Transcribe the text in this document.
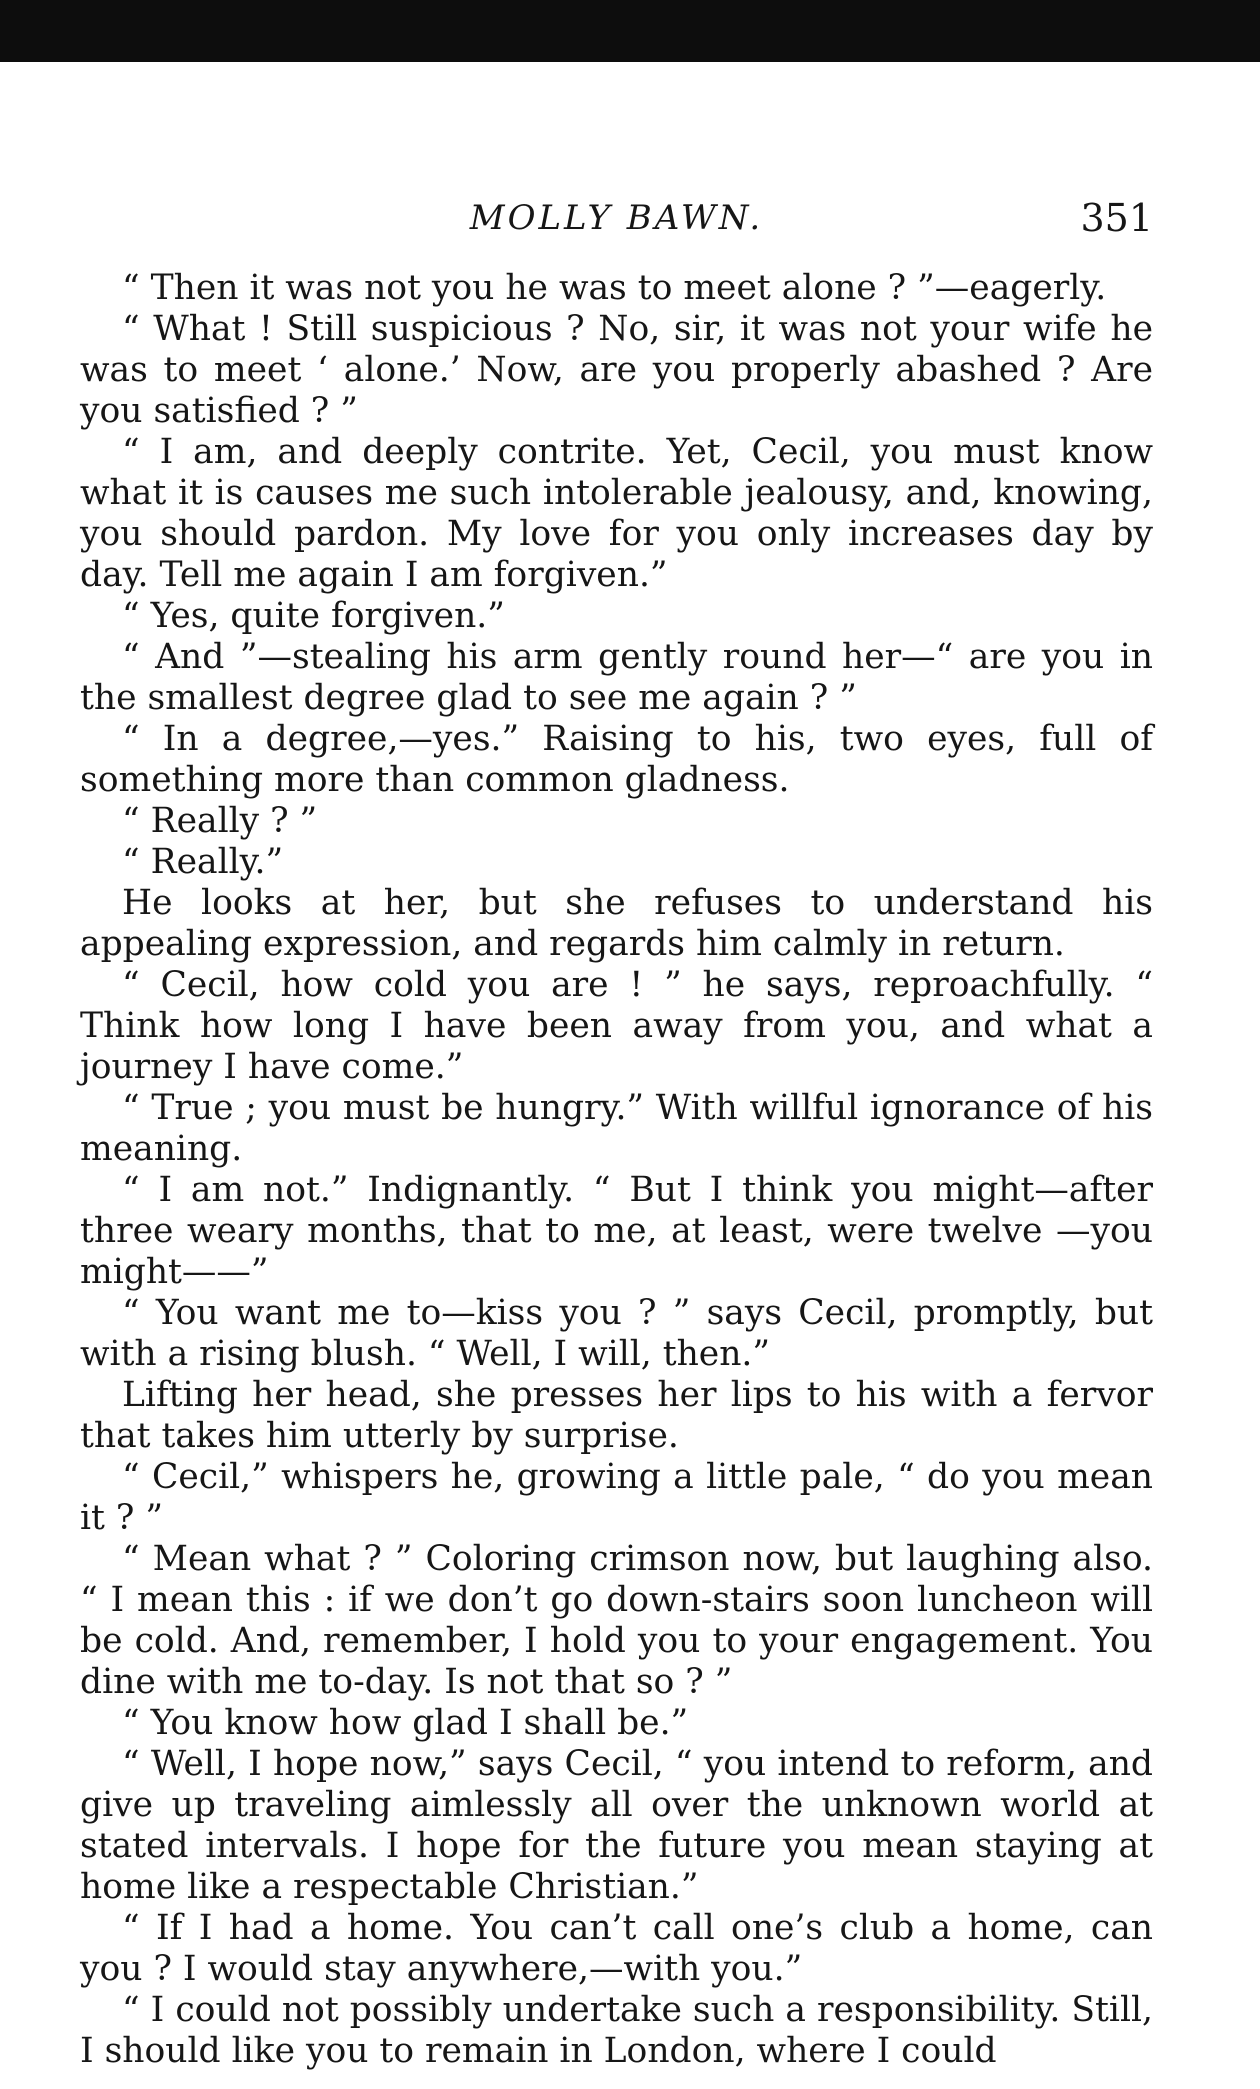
MOLLY BAWN.	351

“ Then it was not you he was to meet alone ? ”—eagerly.

“ What ! Still suspicious ? No, sir, it was not your wife he was to meet ‘ alone.’ Now, are you properly abashed ? Are you satisfied ? ”

“ I am, and deeply contrite. Yet, Cecil, you must know what it is causes me such intolerable jealousy, and, knowing, you should pardon. My love for you only increases day by day. Tell me again I am forgiven.”

“ Yes, quite forgiven.”

“ And ”—stealing his arm gently round her—“ are you in the smallest degree glad to see me again ? ”

“ In a degree,—yes.” Raising to his, two eyes, full of something more than common gladness.

“ Really ? ”

“ Really.”

He looks at her, but she refuses to understand his appealing expression, and regards him calmly in return.

“ Cecil, how cold you are ! ” he says, reproachfully. “ Think how long I have been away from you, and what a journey I have come.”

“ True ; you must be hungry.” With willful ignorance of his meaning.

“ I am not.” Indignantly. “ But I think you might—after three weary months, that to me, at least, were twelve —you might——”

“ You want me to—kiss you ? ” says Cecil, promptly, but with a rising blush. “ Well, I will, then.”

Lifting her head, she presses her lips to his with a fervor that takes him utterly by surprise.

“ Cecil,” whispers he, growing a little pale, “ do you mean it ? ”

“ Mean what ? ” Coloring crimson now, but laughing also. “ I mean this : if we don’t go down-stairs soon luncheon will be cold. And, remember, I hold you to your engagement. You dine with me to-day. Is not that so ? ”

“ You know how glad I shall be.”

“ Well, I hope now,” says Cecil, “ you intend to reform, and give up traveling aimlessly all over the unknown world at stated intervals. I hope for the future you mean staying at home like a respectable Christian.”

“ If I had a home. You can’t call one’s club a home, can you ? I would stay anywhere,—with you.”

“ I could not possibly undertake such a responsibility. Still, I should like you to remain in London, where I could
